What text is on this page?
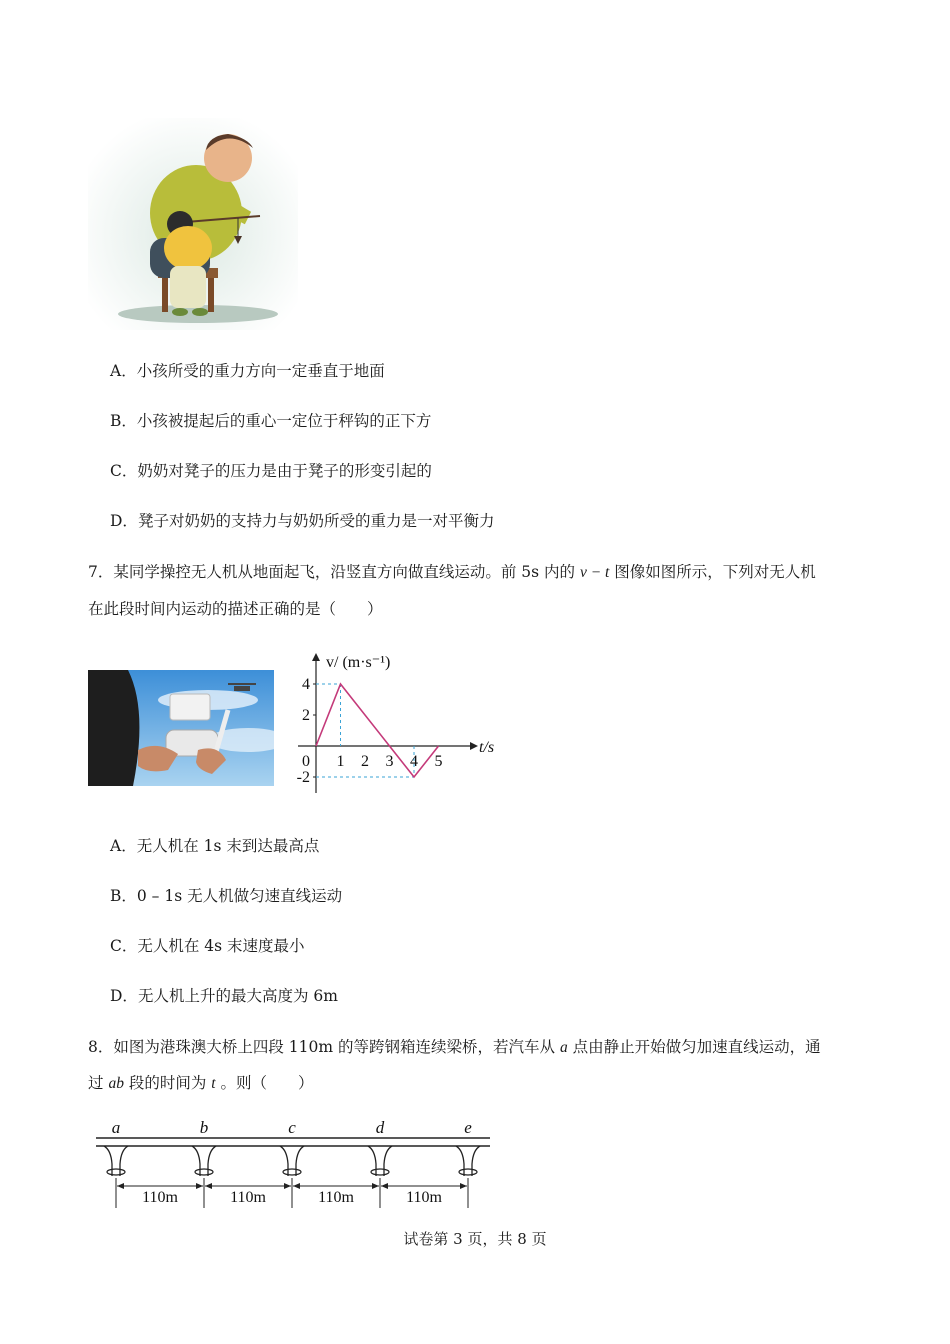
A．小孩所受的重力方向一定垂直于地面
B．小孩被提起后的重心一定位于秤钩的正下方
C．奶奶对凳子的压力是由于凳子的形变引起的
D．凳子对奶奶的支持力与奶奶所受的重力是一对平衡力
7．某同学操控无人机从地面起飞，沿竖直方向做直线运动。前 5s 内的 v − t 图像如图所示，下列对无人机
在此段时间内运动的描述正确的是（　　）
v/ (m·s⁻¹)
t/s
4
2
-2
0 1 2 3 4 5
A．无人机在 1s 末到达最高点
B．0 – 1s 无人机做匀速直线运动
C．无人机在 4s 末速度最小
D．无人机上升的最大高度为 6m
8．如图为港珠澳大桥上四段 110m 的等跨钢箱连续梁桥，若汽车从 a 点由静止开始做匀加速直线运动，通
过 ab 段的时间为 t 。则（　　）
a	b	c	d	e
110m	110m	110m	110m
试卷第 3 页，共 8 页
